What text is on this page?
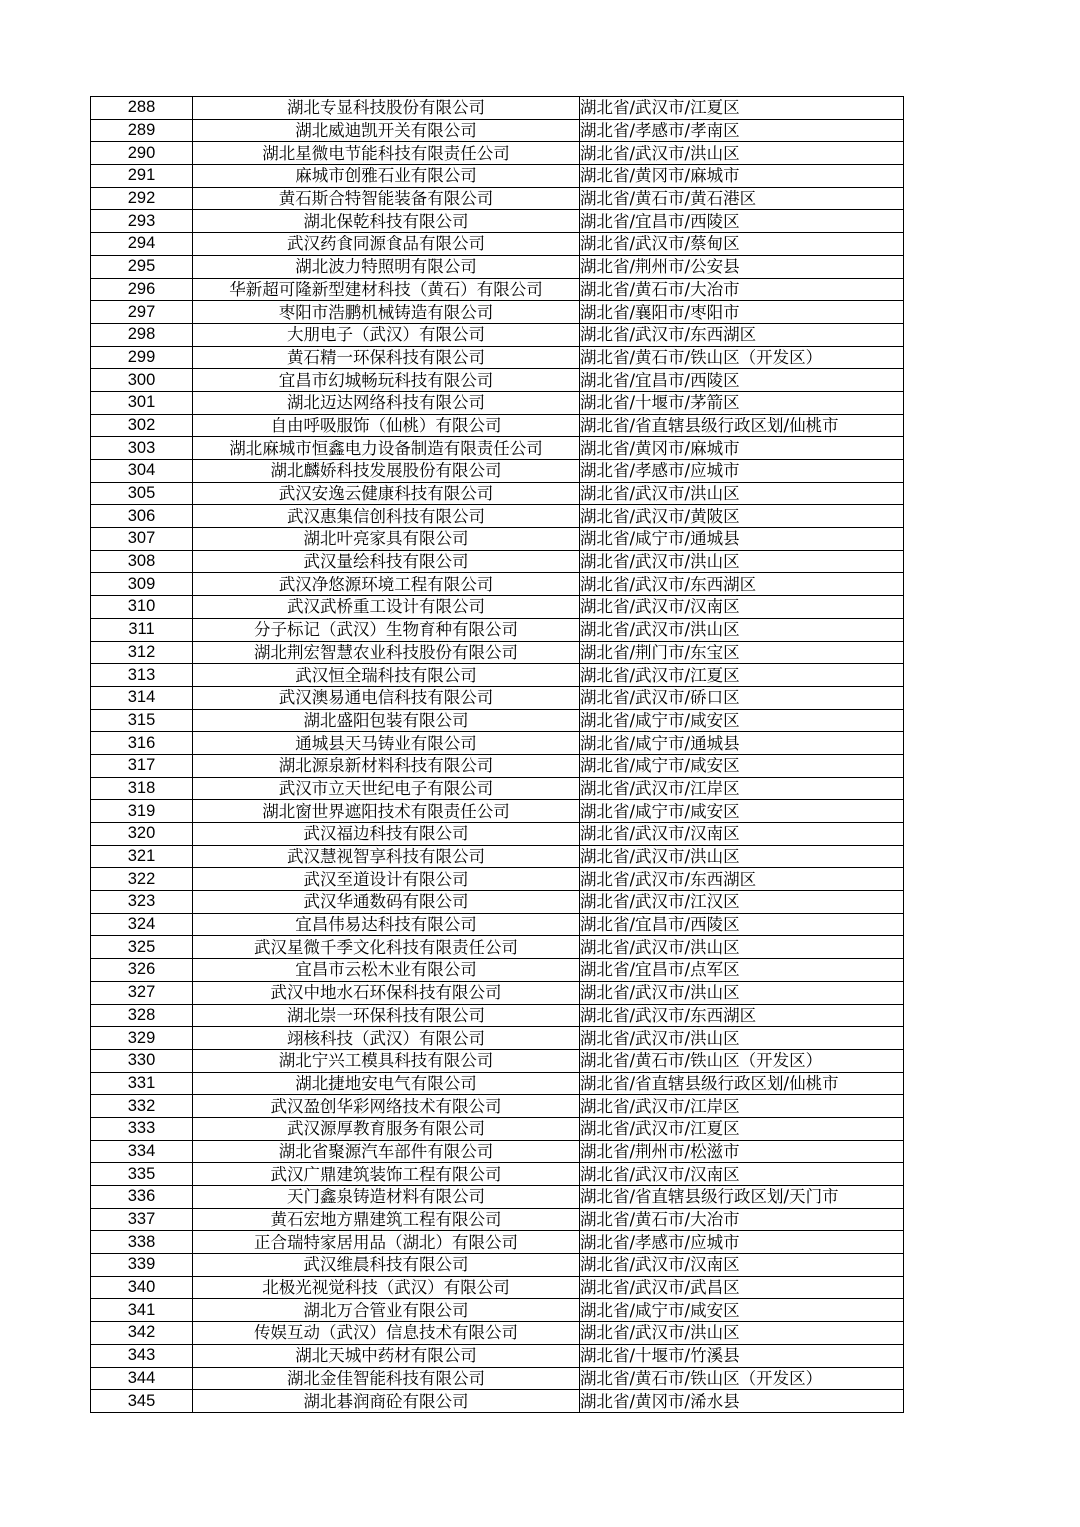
288	湖北专显科技股份有限公司	湖北省/武汉市/江夏区
289	湖北威迪凯开关有限公司	湖北省/孝感市/孝南区
290	湖北星微电节能科技有限责任公司	湖北省/武汉市/洪山区
291	麻城市创雅石业有限公司	湖北省/黄冈市/麻城市
292	黄石斯合特智能装备有限公司	湖北省/黄石市/黄石港区
293	湖北保乾科技有限公司	湖北省/宜昌市/西陵区
294	武汉药食同源食品有限公司	湖北省/武汉市/蔡甸区
295	湖北波力特照明有限公司	湖北省/荆州市/公安县
296	华新超可隆新型建材科技（黄石）有限公司	湖北省/黄石市/大冶市
297	枣阳市浩鹏机械铸造有限公司	湖北省/襄阳市/枣阳市
298	大朋电子（武汉）有限公司	湖北省/武汉市/东西湖区
299	黄石精一环保科技有限公司	湖北省/黄石市/铁山区（开发区）
300	宜昌市幻城畅玩科技有限公司	湖北省/宜昌市/西陵区
301	湖北迈达网络科技有限公司	湖北省/十堰市/茅箭区
302	自由呼吸服饰（仙桃）有限公司	湖北省/省直辖县级行政区划/仙桃市
303	湖北麻城市恒鑫电力设备制造有限责任公司	湖北省/黄冈市/麻城市
304	湖北麟娇科技发展股份有限公司	湖北省/孝感市/应城市
305	武汉安逸云健康科技有限公司	湖北省/武汉市/洪山区
306	武汉惠集信创科技有限公司	湖北省/武汉市/黄陂区
307	湖北叶亮家具有限公司	湖北省/咸宁市/通城县
308	武汉量绘科技有限公司	湖北省/武汉市/洪山区
309	武汉净悠源环境工程有限公司	湖北省/武汉市/东西湖区
310	武汉武桥重工设计有限公司	湖北省/武汉市/汉南区
311	分子标记（武汉）生物育种有限公司	湖北省/武汉市/洪山区
312	湖北荆宏智慧农业科技股份有限公司	湖北省/荆门市/东宝区
313	武汉恒全瑞科技有限公司	湖北省/武汉市/江夏区
314	武汉澳易通电信科技有限公司	湖北省/武汉市/硚口区
315	湖北盛阳包装有限公司	湖北省/咸宁市/咸安区
316	通城县天马铸业有限公司	湖北省/咸宁市/通城县
317	湖北源泉新材料科技有限公司	湖北省/咸宁市/咸安区
318	武汉市立天世纪电子有限公司	湖北省/武汉市/江岸区
319	湖北窗世界遮阳技术有限责任公司	湖北省/咸宁市/咸安区
320	武汉福边科技有限公司	湖北省/武汉市/汉南区
321	武汉慧视智享科技有限公司	湖北省/武汉市/洪山区
322	武汉至道设计有限公司	湖北省/武汉市/东西湖区
323	武汉华通数码有限公司	湖北省/武汉市/江汉区
324	宜昌伟易达科技有限公司	湖北省/宜昌市/西陵区
325	武汉星微千季文化科技有限责任公司	湖北省/武汉市/洪山区
326	宜昌市云松木业有限公司	湖北省/宜昌市/点军区
327	武汉中地水石环保科技有限公司	湖北省/武汉市/洪山区
328	湖北崇一环保科技有限公司	湖北省/武汉市/东西湖区
329	翊核科技（武汉）有限公司	湖北省/武汉市/洪山区
330	湖北宁兴工模具科技有限公司	湖北省/黄石市/铁山区（开发区）
331	湖北捷地安电气有限公司	湖北省/省直辖县级行政区划/仙桃市
332	武汉盈创华彩网络技术有限公司	湖北省/武汉市/江岸区
333	武汉源厚教育服务有限公司	湖北省/武汉市/江夏区
334	湖北省聚源汽车部件有限公司	湖北省/荆州市/松滋市
335	武汉广鼎建筑装饰工程有限公司	湖北省/武汉市/汉南区
336	天门鑫泉铸造材料有限公司	湖北省/省直辖县级行政区划/天门市
337	黄石宏地方鼎建筑工程有限公司	湖北省/黄石市/大冶市
338	正合瑞特家居用品（湖北）有限公司	湖北省/孝感市/应城市
339	武汉维晨科技有限公司	湖北省/武汉市/汉南区
340	北极光视觉科技（武汉）有限公司	湖北省/武汉市/武昌区
341	湖北万合管业有限公司	湖北省/咸宁市/咸安区
342	传娱互动（武汉）信息技术有限公司	湖北省/武汉市/洪山区
343	湖北天城中药材有限公司	湖北省/十堰市/竹溪县
344	湖北金佳智能科技有限公司	湖北省/黄石市/铁山区（开发区）
345	湖北碁润商砼有限公司	湖北省/黄冈市/浠水县
